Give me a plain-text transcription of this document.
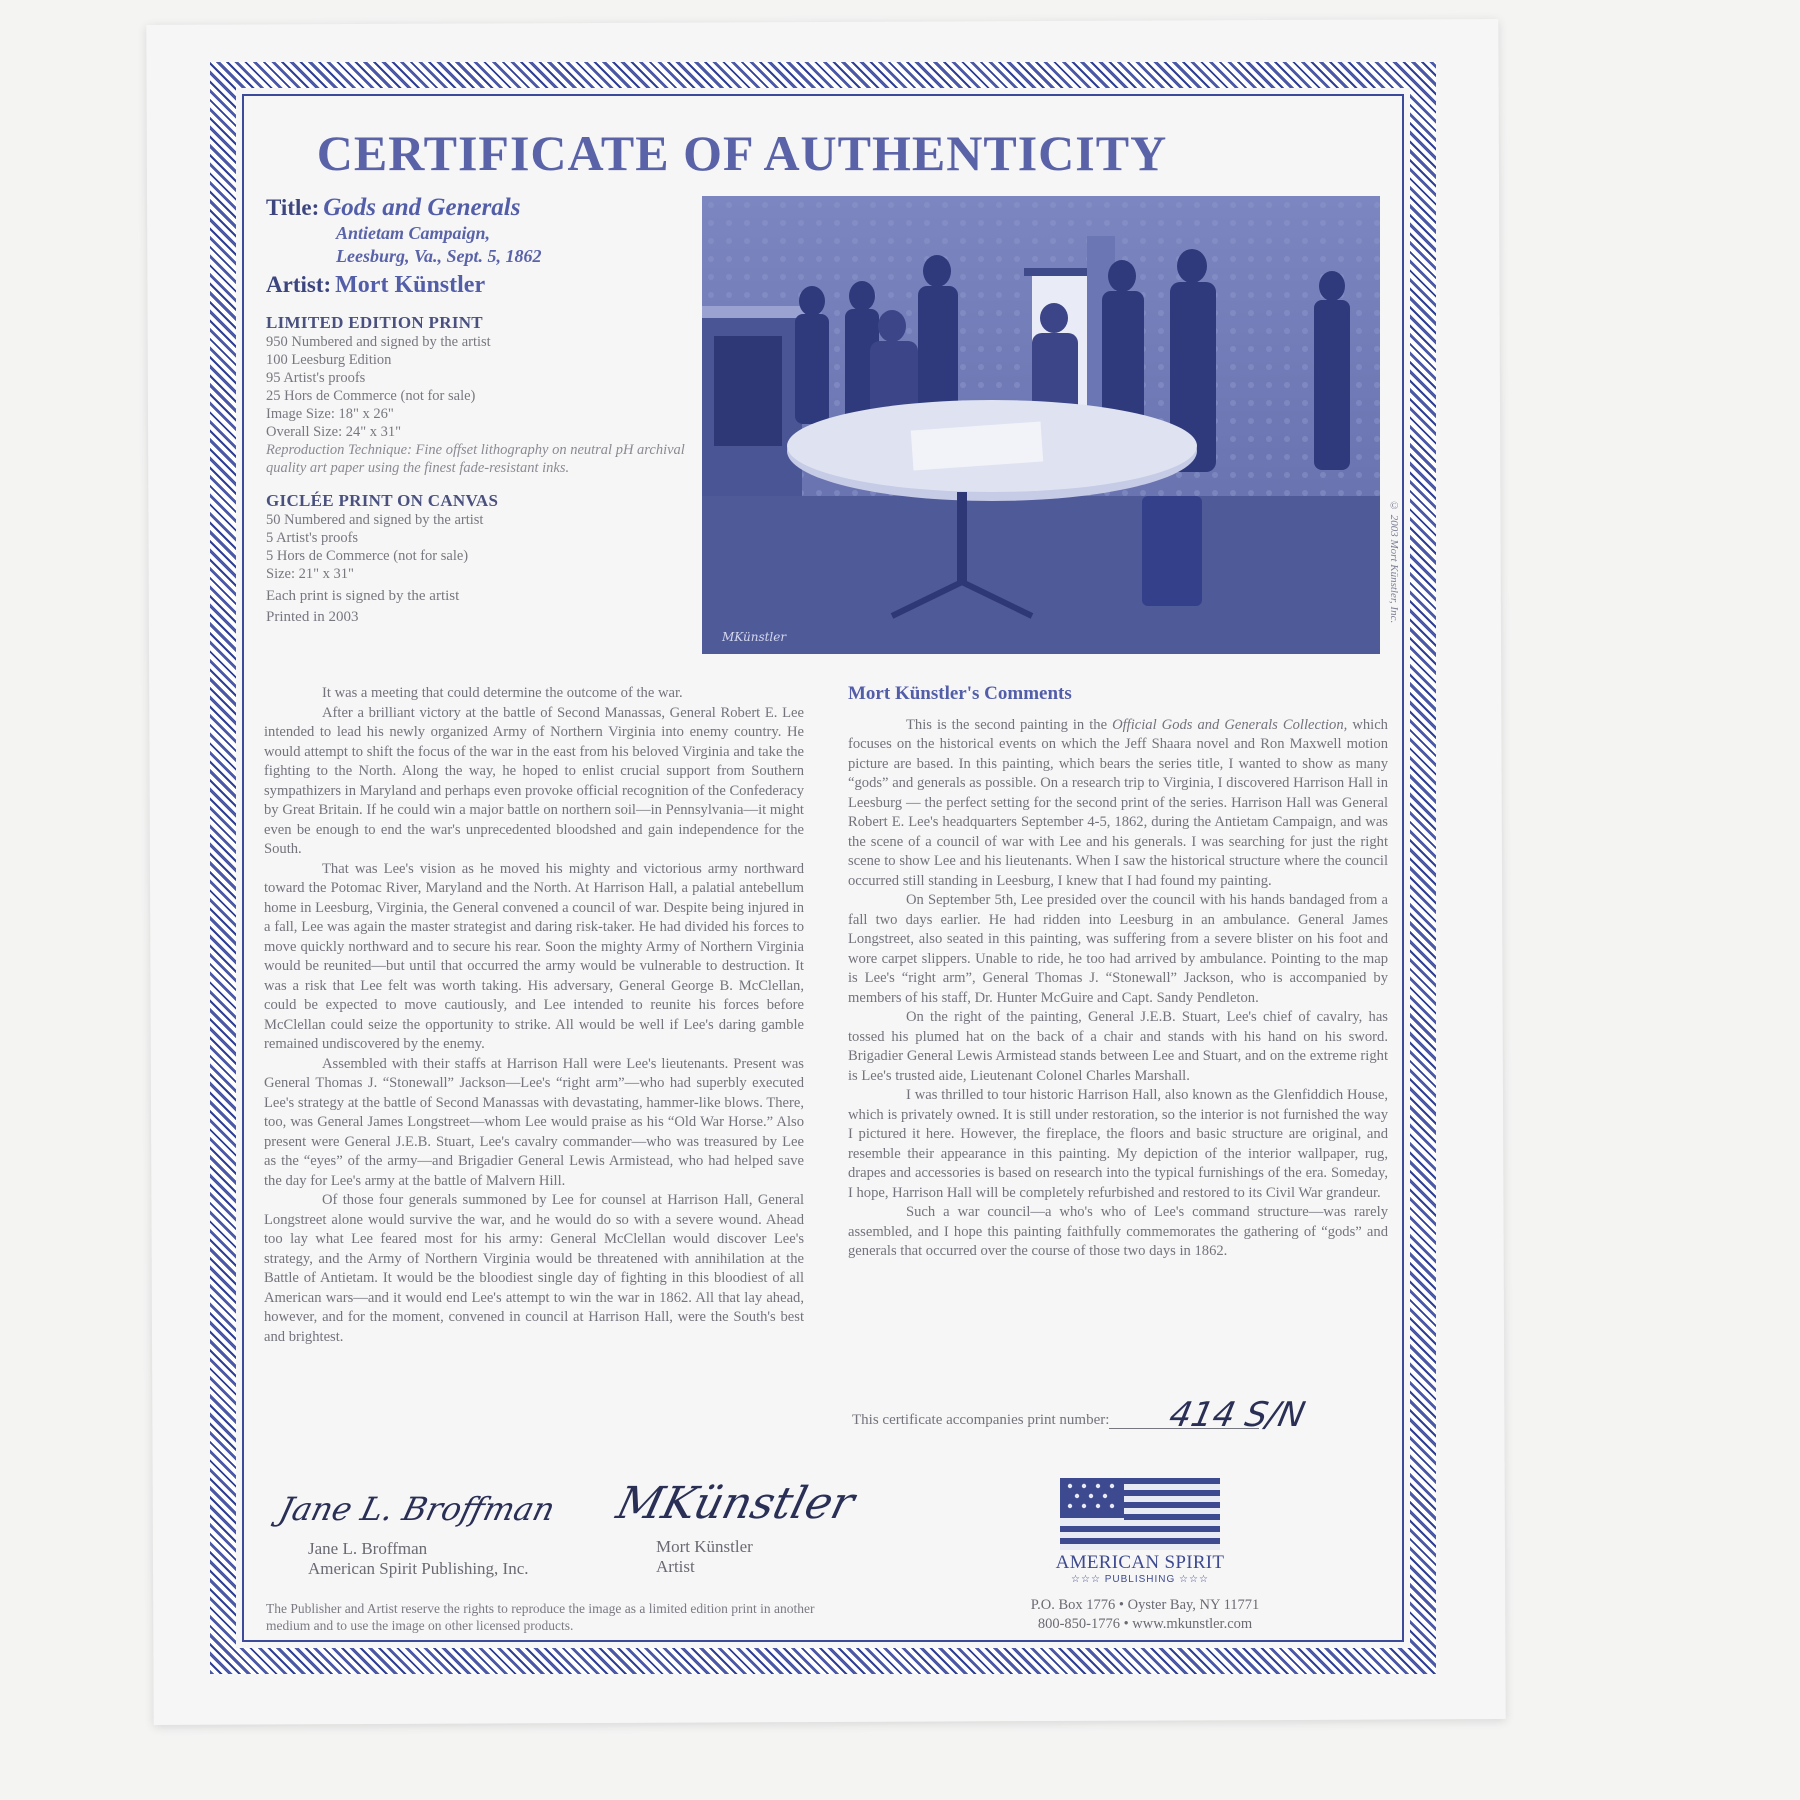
CERTIFICATE OF AUTHENTICITY
Title: Gods and Generals
Antietam Campaign,
Leesburg, Va., Sept. 5, 1862
Artist: Mort Künstler
LIMITED EDITION PRINT
950 Numbered and signed by the artist
100 Leesburg Edition
95 Artist's proofs
25 Hors de Commerce (not for sale)
Image Size: 18" x 26"
Overall Size: 24" x 31"
Reproduction Technique: Fine offset lithography on neutral pH archival quality art paper using the finest fade-resistant inks.
GICLÉE PRINT ON CANVAS
50 Numbered and signed by the artist
5 Artist's proofs
5 Hors de Commerce (not for sale)
Size: 21" x 31"
Each print is signed by the artist
Printed in 2003
MKünstler
© 2003 Mort Künstler, Inc.

It was a meeting that could determine the outcome of the war.

After a brilliant victory at the battle of Second Manassas, General Robert E. Lee intended to lead his newly organized Army of Northern Virginia into enemy country. He would attempt to shift the focus of the war in the east from his beloved Virginia and take the fighting to the North. Along the way, he hoped to enlist crucial support from Southern sympathizers in Maryland and perhaps even provoke official recognition of the Confederacy by Great Britain. If he could win a major battle on northern soil—in Pennsylvania—it might even be enough to end the war's unprecedented bloodshed and gain independence for the South.

That was Lee's vision as he moved his mighty and victorious army northward toward the Potomac River, Maryland and the North. At Harrison Hall, a palatial antebellum home in Leesburg, Virginia, the General convened a council of war. Despite being injured in a fall, Lee was again the master strategist and daring risk-taker. He had divided his forces to move quickly northward and to secure his rear. Soon the mighty Army of Northern Virginia would be reunited—but until that occurred the army would be vulnerable to destruction. It was a risk that Lee felt was worth taking. His adversary, General George B. McClellan, could be expected to move cautiously, and Lee intended to reunite his forces before McClellan could seize the opportunity to strike. All would be well if Lee's daring gamble remained undiscovered by the enemy.

Assembled with their staffs at Harrison Hall were Lee's lieutenants. Present was General Thomas J. “Stonewall” Jackson—Lee's “right arm”—who had superbly executed Lee's strategy at the battle of Second Manassas with devastating, hammer-like blows. There, too, was General James Longstreet—whom Lee would praise as his “Old War Horse.” Also present were General J.E.B. Stuart, Lee's cavalry commander—who was treasured by Lee as the “eyes” of the army—and Brigadier General Lewis Armistead, who had helped save the day for Lee's army at the battle of Malvern Hill.

Of those four generals summoned by Lee for counsel at Harrison Hall, General Longstreet alone would survive the war, and he would do so with a severe wound. Ahead too lay what Lee feared most for his army: General McClellan would discover Lee's strategy, and the Army of Northern Virginia would be threatened with annihilation at the Battle of Antietam. It would be the bloodiest single day of fighting in this bloodiest of all American wars—and it would end Lee's attempt to win the war in 1862. All that lay ahead, however, and for the moment, convened in council at Harrison Hall, were the South's best and brightest.

Mort Künstler's Comments

This is the second painting in the Official Gods and Generals Collection, which focuses on the historical events on which the Jeff Shaara novel and Ron Maxwell motion picture are based. In this painting, which bears the series title, I wanted to show as many “gods” and generals as possible. On a research trip to Virginia, I discovered Harrison Hall in Leesburg — the perfect setting for the second print of the series. Harrison Hall was General Robert E. Lee's headquarters September 4-5, 1862, during the Antietam Campaign, and was the scene of a council of war with Lee and his generals. I was searching for just the right scene to show Lee and his lieutenants. When I saw the historical structure where the council occurred still standing in Leesburg, I knew that I had found my painting.

On September 5th, Lee presided over the council with his hands bandaged from a fall two days earlier. He had ridden into Leesburg in an ambulance. General James Longstreet, also seated in this painting, was suffering from a severe blister on his foot and wore carpet slippers. Unable to ride, he too had arrived by ambulance. Pointing to the map is Lee's “right arm”, General Thomas J. “Stonewall” Jackson, who is accompanied by members of his staff, Dr. Hunter McGuire and Capt. Sandy Pendleton.

On the right of the painting, General J.E.B. Stuart, Lee's chief of cavalry, has tossed his plumed hat on the back of a chair and stands with his hand on his sword. Brigadier General Lewis Armistead stands between Lee and Stuart, and on the extreme right is Lee's trusted aide, Lieutenant Colonel Charles Marshall.

I was thrilled to tour historic Harrison Hall, also known as the Glenfiddich House, which is privately owned. It is still under restoration, so the interior is not furnished the way I pictured it here. However, the fireplace, the floors and basic structure are original, and resemble their appearance in this painting. My depiction of the interior wallpaper, rug, drapes and accessories is based on research into the typical furnishings of the era. Someday, I hope, Harrison Hall will be completely refurbished and restored to its Civil War grandeur.

Such a war council—a who's who of Lee's command structure—was rarely assembled, and I hope this painting faithfully commemorates the gathering of “gods” and generals that occurred over the course of those two days in 1862.

This certificate accompanies print number: 414 S/N
Jane L. Broffman
Jane L. Broffman
American Spirit Publishing, Inc.
MKünstler
Mort Künstler
Artist
The Publisher and Artist reserve the rights to reproduce the image as a limited edition print in another medium and to use the image on other licensed products.
AMERICAN SPIRIT
☆☆☆ PUBLISHING ☆☆☆
P.O. Box 1776 • Oyster Bay, NY 11771
800-850-1776 • www.mkunstler.com
